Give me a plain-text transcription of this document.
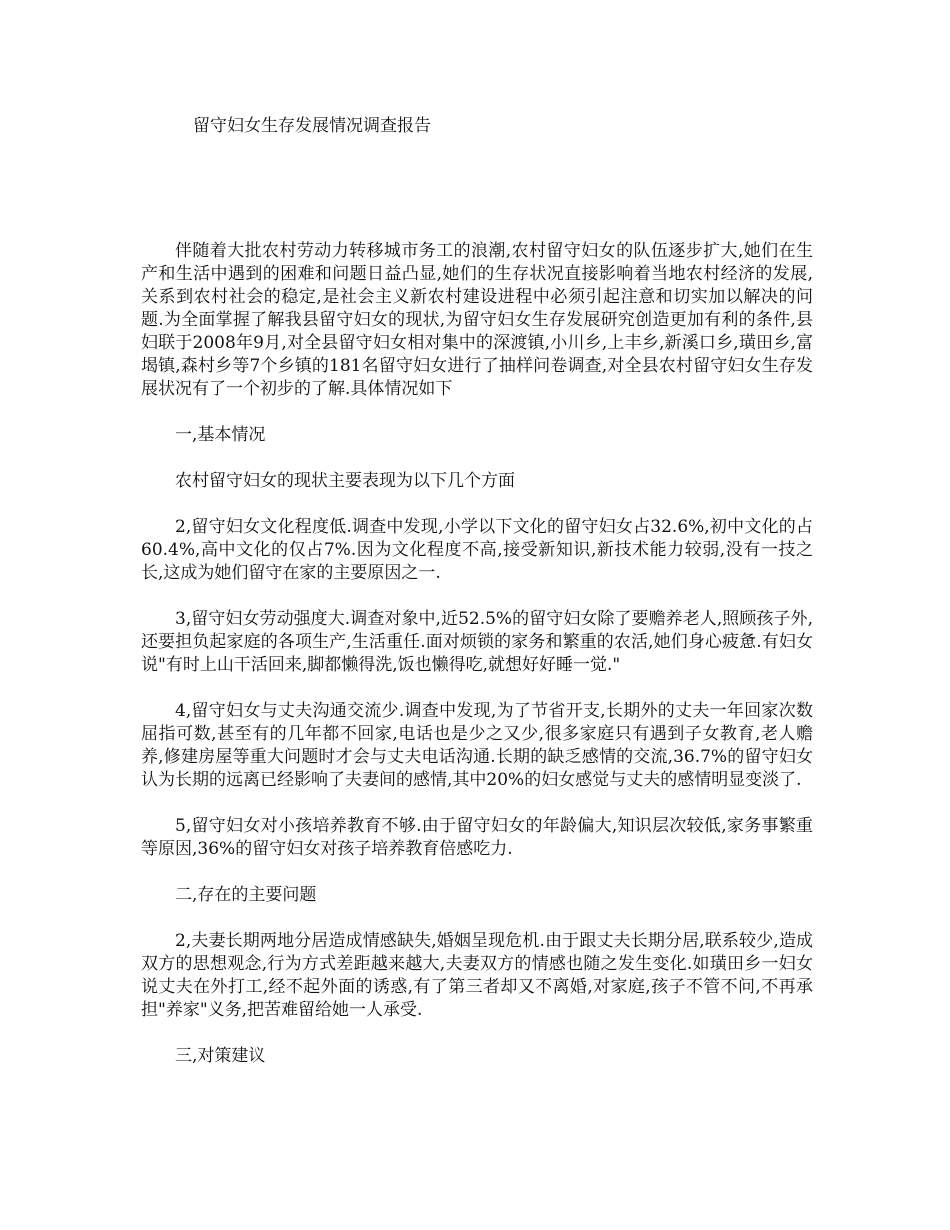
留守妇女生存发展情况调查报告

伴随着大批农村劳动力转移城市务工的浪潮,农村留守妇女的队伍逐步扩大,她们在生产和生活中遇到的困难和问题日益凸显,她们的生存状况直接影响着当地农村经济的发展,关系到农村社会的稳定,是社会主义新农村建设进程中必须引起注意和切实加以解决的问题.为全面掌握了解我县留守妇女的现状,为留守妇女生存发展研究创造更加有利的条件,县妇联于2008年9月,对全县留守妇女相对集中的深渡镇,小川乡,上丰乡,新溪口乡,璜田乡,富堨镇,森村乡等7个乡镇的181名留守妇女进行了抽样问卷调查,对全县农村留守妇女生存发展状况有了一个初步的了解.具体情况如下

一,基本情况

农村留守妇女的现状主要表现为以下几个方面

2,留守妇女文化程度低.调查中发现,小学以下文化的留守妇女占32.6%,初中文化的占60.4%,高中文化的仅占7%.因为文化程度不高,接受新知识,新技术能力较弱,没有一技之长,这成为她们留守在家的主要原因之一.

3,留守妇女劳动强度大.调查对象中,近52.5%的留守妇女除了要赡养老人,照顾孩子外,还要担负起家庭的各项生产,生活重任.面对烦锁的家务和繁重的农活,她们身心疲惫.有妇女说"有时上山干活回来,脚都懒得洗,饭也懒得吃,就想好好睡一觉."

4,留守妇女与丈夫沟通交流少.调查中发现,为了节省开支,长期外的丈夫一年回家次数屈指可数,甚至有的几年都不回家,电话也是少之又少,很多家庭只有遇到子女教育,老人赡养,修建房屋等重大问题时才会与丈夫电话沟通.长期的缺乏感情的交流,36.7%的留守妇女认为长期的远离已经影响了夫妻间的感情,其中20%的妇女感觉与丈夫的感情明显变淡了.

5,留守妇女对小孩培养教育不够.由于留守妇女的年龄偏大,知识层次较低,家务事繁重等原因,36%的留守妇女对孩子培养教育倍感吃力.

二,存在的主要问题

2,夫妻长期两地分居造成情感缺失,婚姻呈现危机.由于跟丈夫长期分居,联系较少,造成双方的思想观念,行为方式差距越来越大,夫妻双方的情感也随之发生变化.如璜田乡一妇女说丈夫在外打工,经不起外面的诱惑,有了第三者却又不离婚,对家庭,孩子不管不问,不再承担"养家"义务,把苦难留给她一人承受.

三,对策建议
